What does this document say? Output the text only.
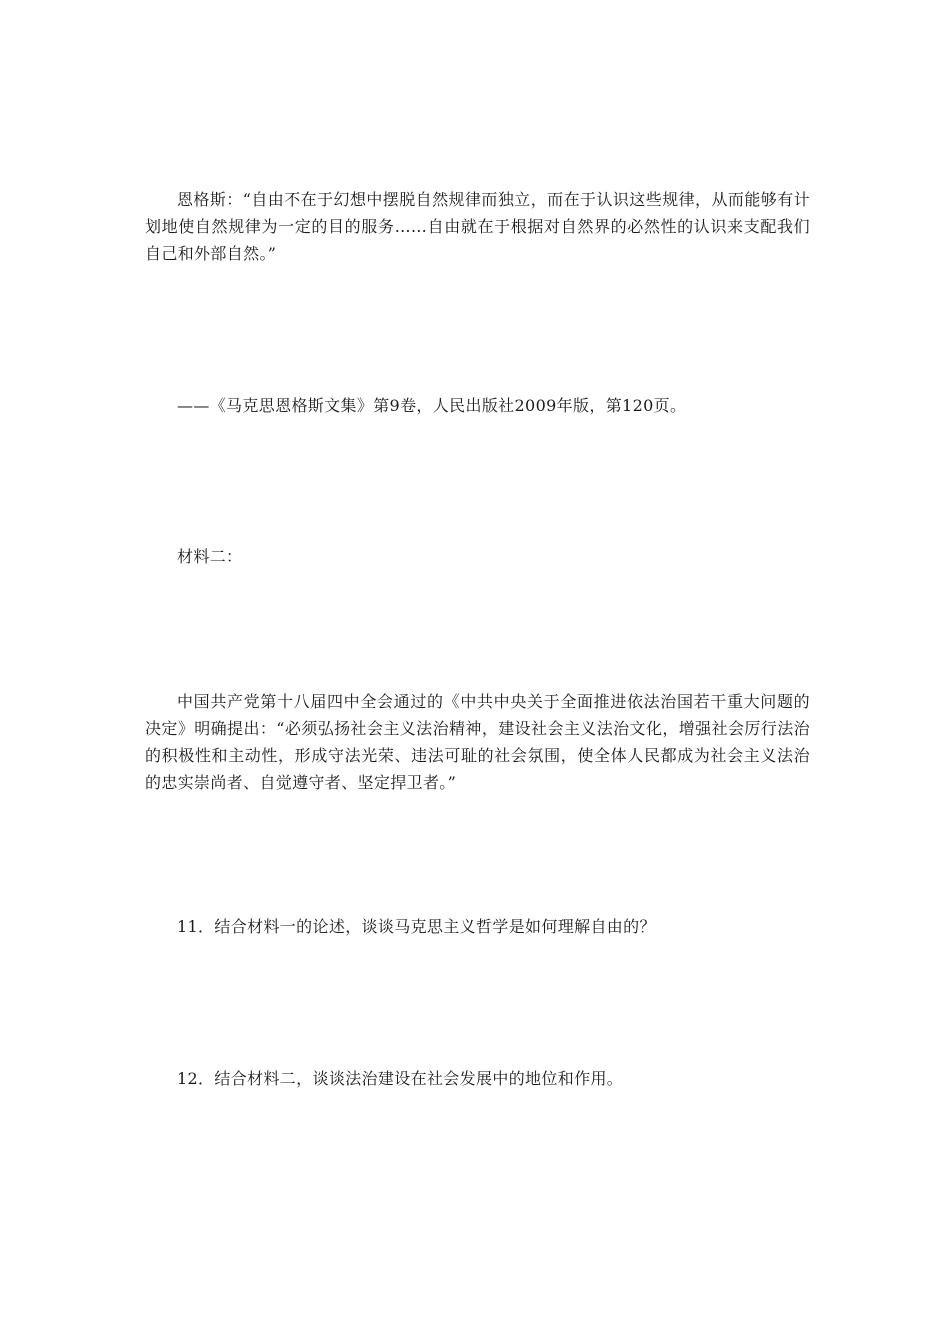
恩格斯：“自由不在于幻想中摆脱自然规律而独立，而在于认识这些规律，从而能够有计划地使自然规律为一定的目的服务……自由就在于根据对自然界的必然性的认识来支配我们自己和外部自然。”

——《马克思恩格斯文集》第9卷，人民出版社2009年版，第120页。

材料二：

中国共产党第十八届四中全会通过的《中共中央关于全面推进依法治国若干重大问题的决定》明确提出：“必须弘扬社会主义法治精神，建设社会主义法治文化，增强社会厉行法治的积极性和主动性，形成守法光荣、违法可耻的社会氛围，使全体人民都成为社会主义法治的忠实崇尚者、自觉遵守者、坚定捍卫者。”

11．结合材料一的论述，谈谈马克思主义哲学是如何理解自由的？

12．结合材料二，谈谈法治建设在社会发展中的地位和作用。
